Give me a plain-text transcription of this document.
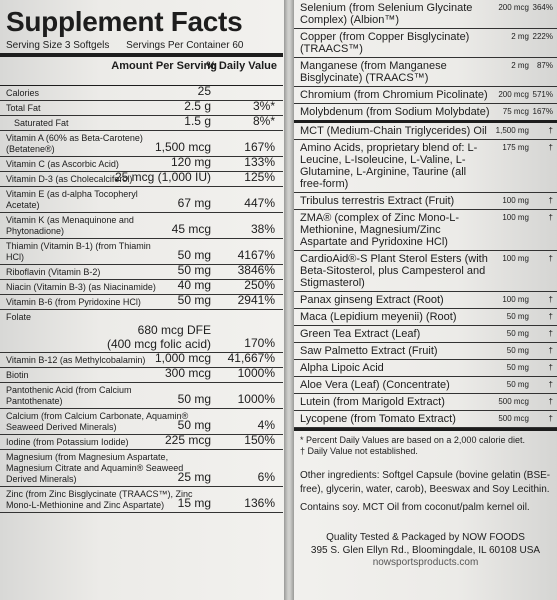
Supplement Facts
Serving Size 3 Softgels Servings Per Container 60
Amount Per Serving
% Daily Value
Calories	25
Total Fat	2.5 g	3%*
Saturated Fat	1.5 g	8%*
Vitamin A (60% as Beta-Carotene) (Betatene®)	1,500 mcg	167%
Vitamin C (as Ascorbic Acid)	120 mg	133%
Vitamin D-3 (as Cholecalciferol)
25 mcg (1,000 IU)	125%
Vitamin E (as d-alpha Tocopheryl Acetate)	67 mg	447%
Vitamin K (as Menaquinone and Phytonadione)	45 mcg	38%
Thiamin (Vitamin B-1) (from Thiamin HCl)	50 mg 4167%
Riboflavin (Vitamin B-2)	50 mg 3846%
Niacin (Vitamin B-3) (as Niacinamide) 40 mg	250%
Vitamin B-6 (from Pyridoxine HCl)	50 mg 2941%
Folate
680 mcg DFE
(400 mcg folic acid)	170%
Vitamin B-12 (as Methylcobalamin) 1,000 mcg 41,667%
Biotin	300 mcg 1000%
Pantothenic Acid (from Calcium Pantothenate)	50 mg 1000%
Calcium (from Calcium Carbonate, Aquamin® Seaweed Derived Minerals)	50 mg	4%
Iodine (from Potassium Iodide)	225 mcg	150%
Magnesium (from Magnesium Aspartate, Magnesium Citrate and Aquamin® Seaweed Derived Minerals)	25 mg	6%
Zinc (from Zinc Bisglycinate (TRAACS™), Zinc Mono-L-Methionine and Zinc Aspartate)	15 mg	136%
Selenium (from Selenium Glycinate Complex) (Albion™)
200 mcg 364%
Copper (from Copper Bisglycinate) (TRAACS™)
2 mg 222%
Manganese (from Manganese Bisglycinate) (TRAACS™)
2 mg 87%
Chromium (from Chromium Picolinate) 200 mcg 571%
Molybdenum (from Sodium Molybdate) 75 mcg 167%
MCT (Medium-Chain Triglycerides) Oil	1,500 mg †
Amino Acids, proprietary blend of: L-Leucine, L-Isoleucine, L-Valine, L-Glutamine, L-Arginine, Taurine (all free-form)
175 mg †
Tribulus terrestris Extract (Fruit)	100 mg †
ZMA® (complex of Zinc Mono-L-Methionine, Magnesium/Zinc Aspartate and Pyridoxine HCl)
100 mg †
CardioAid®-S Plant Sterol Esters (with Beta-Sitosterol, plus Campesterol and Stigmasterol)
100 mg †
Panax ginseng Extract (Root)	100 mg †
Maca (Lepidium meyenii) (Root)	50 mg †
Green Tea Extract (Leaf)	50 mg †
Saw Palmetto Extract (Fruit)	50 mg †
Alpha Lipoic Acid	50 mg †
Aloe Vera (Leaf) (Concentrate)	50 mg †
Lutein (from Marigold Extract)	500 mcg †
Lycopene (from Tomato Extract)	500 mcg †
* Percent Daily Values are based on a 2,000 calorie diet.
† Daily Value not established.
Other ingredients: Softgel Capsule (bovine gelatin (BSE-free), glycerin, water, carob), Beeswax and Soy Lecithin.
Contains soy. MCT Oil from coconut/palm kernel oil.
Quality Tested & Packaged by NOW FOODS
395 S. Glen Ellyn Rd., Bloomingdale, IL 60108 USA
nowsportsproducts.com
